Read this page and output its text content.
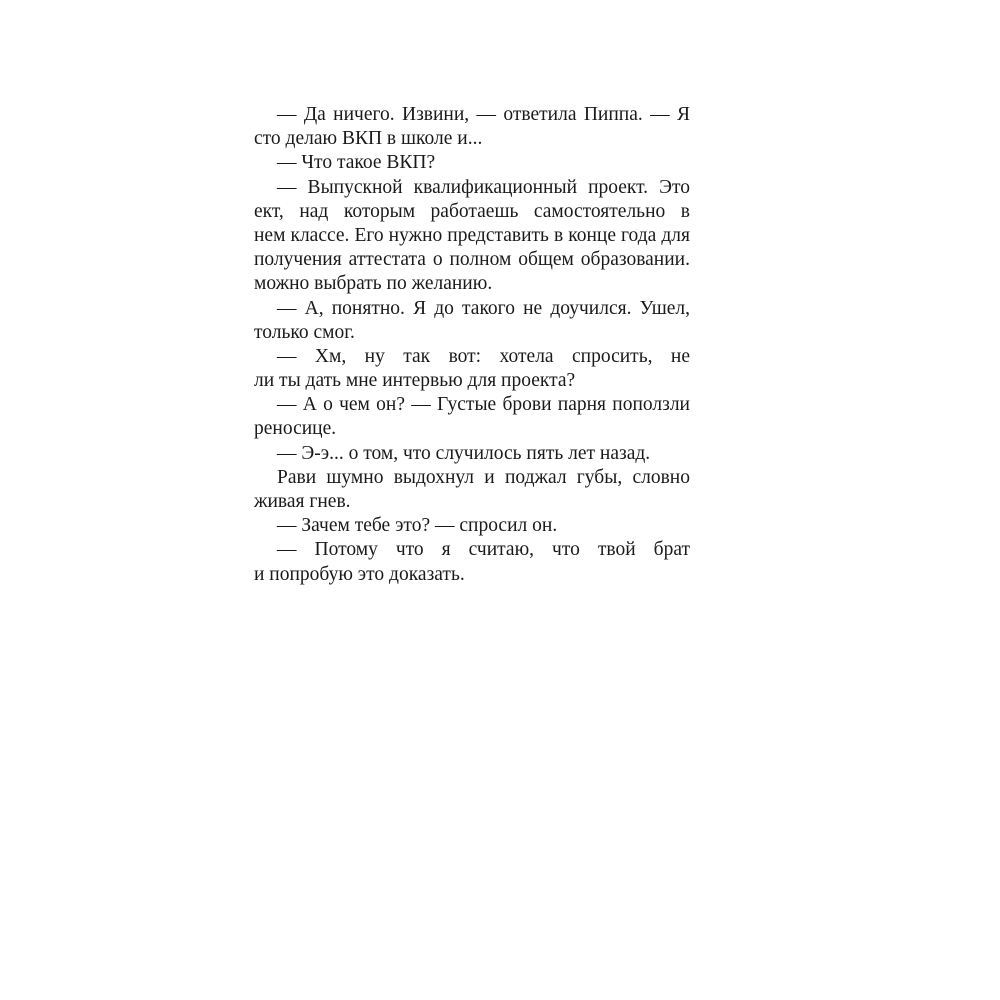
— Да ничего. Извини, — ответила Пиппа. — Я
сто делаю ВКП в школе и...
— Что такое ВКП?
— Выпускной квалификационный проект. Это
ект, над которым работаешь самостоятельно в
нем классе. Его нужно представить в конце года для
получения аттестата о полном общем образовании.
можно выбрать по желанию.
— А, понятно. Я до такого не доучился. Ушел,
только смог.
— Хм, ну так вот: хотела спросить, не
ли ты дать мне интервью для проекта?
— А о чем он? — Густые брови парня поползли
реносице.
— Э-э... о том, что случилось пять лет назад.
Рави шумно выдохнул и поджал губы, словно
живая гнев.
— Зачем тебе это? — спросил он.
— Потому что я считаю, что твой брат
и попробую это доказать.
